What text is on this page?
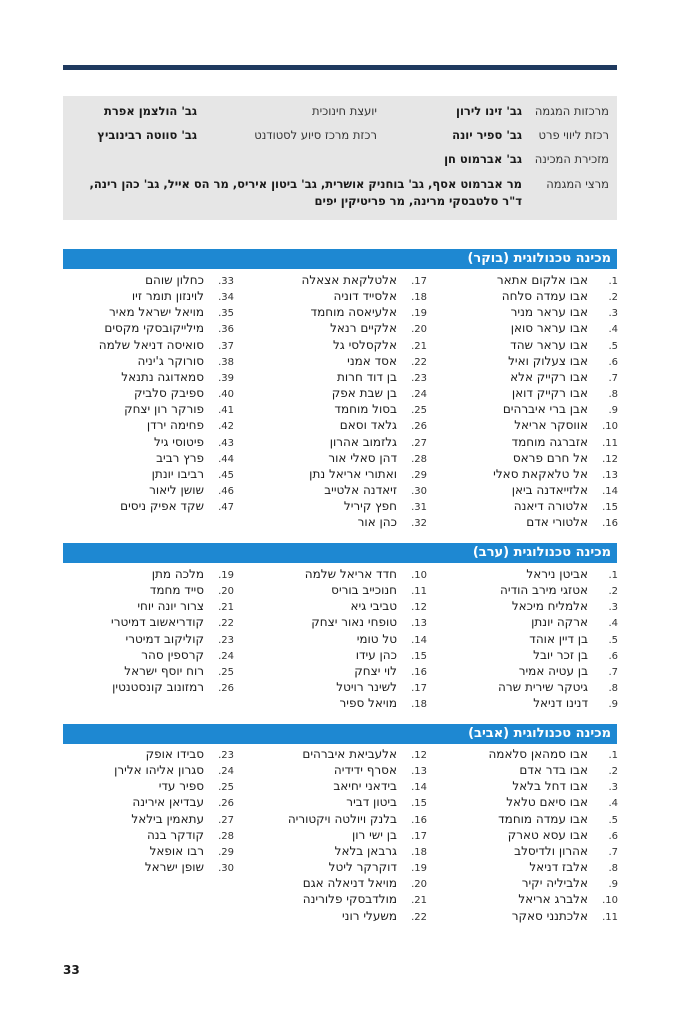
מרכזות המגמה
גב' זינו לירון
יועצת חינוכית
גב' הולצמן אפרת
רכזת ליווי פרט
גב' ספיר יונה
רכזת מרכז סיוע לסטודנט
גב' סווטה רבינוביץ
מזכירת המכינה
גב' אברמוט חן
מרצי המגמה
מר אברמוט אסף, גב' בוחניק אושרית, גב' ביטון איריס, מר הס אייל, גב' כהן רינה, ד"ר סלטבסקי מרינה, מר פריטיקין יפים
מכינה טכנולוגית (בוקר)
1.אבו אלקום אתאר
2.אבו עמדה סלחה
3.אבו עראר מניר
4.אבו עראר סואן
5.אבו עראר שהד
6.אבו צעלוק ואיל
7.אבו רקייק אלא
8.אבו רקייק דואן
9.אבן ברי איברהים
10.אווסקר אריאל
11.אזברגה מוחמד
12.אל חרם פראס
13.אל טלאקאת סאלי
14.אלזייאדנה ביאן
15.אלטורה דיאנה
16.אלטורי אדם
17.אלטלקאת אצאלה
18.אלסייד דוניה
19.אלעיאסה מוחמד
20.אלקיים רנאל
21.אלקסלסי גל
22.אסד אמני
23.בן דוד חרות
24.בן שבת אפק
25.בסול מוחמד
26.גלאד וסאם
27.גלזמוב אהרון
28.דהן סאלי אור
29.ואתורי אריאל נתן
30.זיאדנה אלטייב
31.חפץ קיריל
32.כהן אור
33.כחלון שוהם
34.לוינזון תומר זיו
35.מויאל ישראל מאיר
36.מילייקובסקי מקסים
37.סואיסה דניאל שלמה
38.סורוקר ג'יניה
39.סמאדוגה נתנאל
40.ספיבק סלביק
41.פורקר רון יצחק
42.פחימה ירדן
43.פיטוסי גיל
44.פרץ רביב
45.רביבו יונתן
46.שושן ליאור
47.שקד אפיק ניסים
מכינה טכנולוגית (ערב)
1.אביטן ניראל
2.אטזגי מירב הודיה
3.אלמליח מיכאל
4.ארקה יונתן
5.בן דיין אוהד
6.בן זכר יובל
7.בן עטיה אמיר
8.גיטקר שירית שרה
9.דנינו דניאל
10.חדד אריאל שלמה
11.חנוכייב בוריס
12.טביבי גיא
13.טופחי נאור יצחק
14.טל טומי
15.כהן עידו
16.לוי יצחק
17.לשינר רויטל
18.מויאל ספיר
19.מלכה מתן
20.סייד מחמד
21.צרור יונה יוחי
22.קודריאשוב דמיטרי
23.קוליקוב דמיטרי
24.קרספין סהר
25.רוח יוסף ישראל
26.רמזונוב קונסטנטין
מכינה טכנולוגית (אביב)
1.אבו סמהאן סלאמה
2.אבו בדר אדם
3.אבו דחל בלאל
4.אבו סיאם טלאל
5.אבו עמדה מוחמד
6.אבו עסא טארק
7.אהרון ולדיסלב
8.אלבז דניאל
9.אלביליה יקיר
10.אלברג אריאל
11.אלכתנני סאקר
12.אלעביאת איברהים
13.אסרף ידידיה
14.בידאני יחיאב
15.ביטון דביר
16.בלנק ויולטה ויקטוריה
17.בן ישי רון
18.גרבאן בלאל
19.דוקרקר ליטל
20.מויאל דניאלה אגם
21.מולדבסקי פלורינה
22.משעלי רוני
23.סבידו אופק
24.סגרון אליהו אלירן
25.ספיר עדי
26.עבדיאן אירינה
27.עתאמין בילאל
28.קודקר בנה
29.רבו אופאל
30.שופן ישראל
33
